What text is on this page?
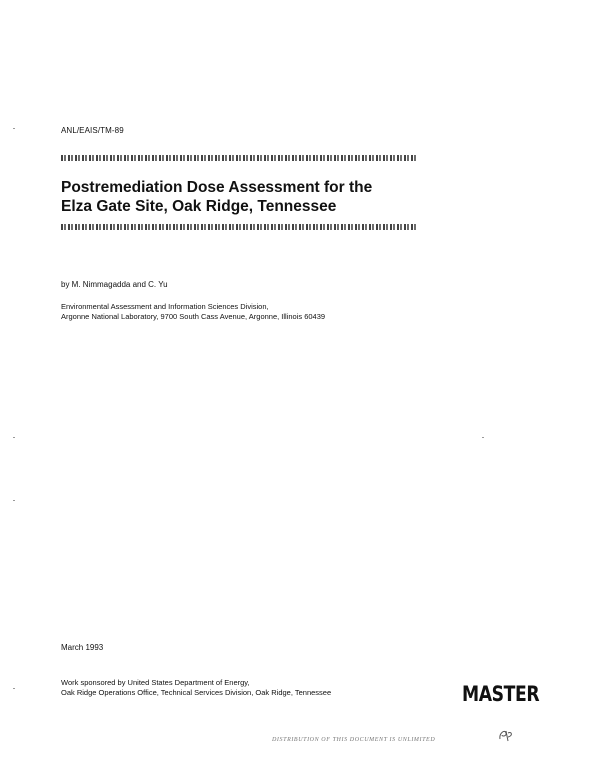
ANL/EAIS/TM-89
Postremediation Dose Assessment for the
Elza Gate Site, Oak Ridge, Tennessee
by M. Nimmagadda and C. Yu
Environmental Assessment and Information Sciences Division,
Argonne National Laboratory, 9700 South Cass Avenue, Argonne, Illinois 60439
March 1993
Work sponsored by United States Department of Energy,
Oak Ridge Operations Office, Technical Services Division, Oak Ridge, Tennessee	MASTER
DISTRIBUTION OF THIS DOCUMENT IS UNLIMITED
